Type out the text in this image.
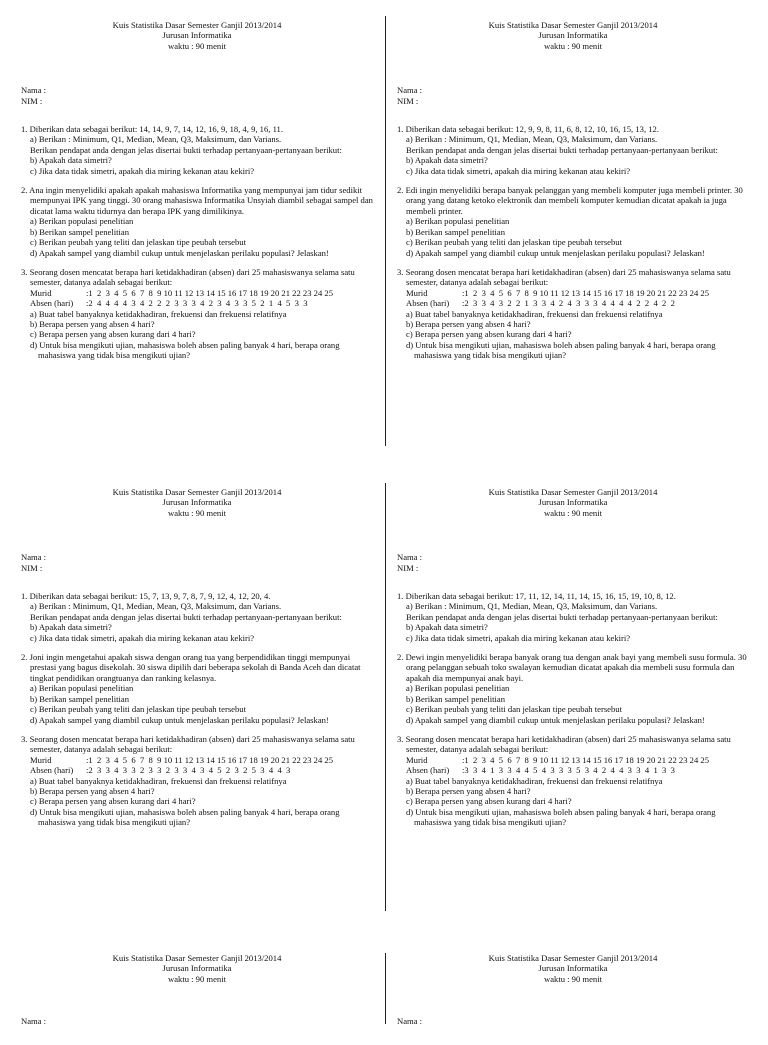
Kuis Statistika Dasar Semester Ganjil 2013/2014
Jurusan Informatika
waktu : 90 menit
Nama :
NIM :
1. Diberikan data sebagai berikut: 14, 14, 9, 7, 14, 12, 16, 9, 18, 4, 9, 16, 11.
a) Berikan : Minimum, Q1, Median, Mean, Q3, Maksimum, dan Varians.
Berikan pendapat anda dengan jelas disertai bukti terhadap pertanyaan-pertanyaan berikut:
b) Apakah data simetri?
c) Jika data tidak simetri, apakah dia miring kekanan atau kekiri?
2. Ana ingin menyelidiki apakah apakah mahasiswa Informatika yang mempunyai jam tidur sedikit mempunyai IPK yang tinggi. 30 orang mahasiswa Informatika Unsyiah diambil sebagai sampel dan dicatat lama waktu tidurnya dan berapa IPK yang dimilikinya.
a) Berikan populasi penelitian
b) Berikan sampel penelitian
c) Berikan peubah yang teliti dan jelaskan tipe peubah tersebut
d) Apakah sampel yang diambil cukup untuk menjelaskan perilaku populasi? Jelaskan!
3. Seorang dosen mencatat berapa hari ketidakhadiran (absen) dari 25 mahasiswanya selama satu semester, datanya adalah sebagai berikut:
Murid	:1  2  3  4  5  6  7  8  9 10 11 12 13 14 15 16 17 18 19 20 21 22 23 24 25
Absen (hari)	:2  4  4  4  4  3  4  2  2  2  3  3  3  4  2  3  4  3  3  5  2  1  4  5  3  3
a) Buat tabel banyaknya ketidakhadiran, frekuensi dan frekuensi relatifnya
b) Berapa persen yang absen 4 hari?
c) Berapa persen yang absen kurang dari 4 hari?
d) Untuk bisa mengikuti ujian, mahasiswa boleh absen paling banyak 4 hari, berapa orang mahasiswa yang tidak bisa mengikuti ujian?
Kuis Statistika Dasar Semester Ganjil 2013/2014
Jurusan Informatika
waktu : 90 menit
Nama :
NIM :
1. Diberikan data sebagai berikut: 12, 9, 9, 8, 11, 6, 8, 12, 10, 16, 15, 13, 12.
a) Berikan : Minimum, Q1, Median, Mean, Q3, Maksimum, dan Varians.
Berikan pendapat anda dengan jelas disertai bukti terhadap pertanyaan-pertanyaan berikut:
b) Apakah data simetri?
c) Jika data tidak simetri, apakah dia miring kekanan atau kekiri?
2. Edi ingin menyelidiki berapa banyak pelanggan yang membeli komputer juga membeli printer. 30 orang yang datang ketoko elektronik dan membeli komputer kemudian dicatat apakah ia juga membeli printer.
a) Berikan populasi penelitian
b) Berikan sampel penelitian
c) Berikan peubah yang teliti dan jelaskan tipe peubah tersebut
d) Apakah sampel yang diambil cukup untuk menjelaskan perilaku populasi? Jelaskan!
3. Seorang dosen mencatat berapa hari ketidakhadiran (absen) dari 25 mahasiswanya selama satu semester, datanya adalah sebagai berikut:
Murid	:1  2  3  4  5  6  7  8  9 10 11 12 13 14 15 16 17 18 19 20 21 22 23 24 25
Absen (hari)	:2  3  3  4  3  2  2  1  3  3  4  2  4  3  3  3  4  4  4  4  2  2  4  2  2
a) Buat tabel banyaknya ketidakhadiran, frekuensi dan frekuensi relatifnya
b) Berapa persen yang absen 4 hari?
c) Berapa persen yang absen kurang dari 4 hari?
d) Untuk bisa mengikuti ujian, mahasiswa boleh absen paling banyak 4 hari, berapa orang mahasiswa yang tidak bisa mengikuti ujian?
Kuis Statistika Dasar Semester Ganjil 2013/2014
Jurusan Informatika
waktu : 90 menit
Nama :
NIM :
1. Diberikan data sebagai berikut: 15, 7, 13, 9, 7, 8, 7, 9, 12, 4, 12, 20, 4.
a) Berikan : Minimum, Q1, Median, Mean, Q3, Maksimum, dan Varians.
Berikan pendapat anda dengan jelas disertai bukti terhadap pertanyaan-pertanyaan berikut:
b) Apakah data simetri?
c) Jika data tidak simetri, apakah dia miring kekanan atau kekiri?
2. Joni ingin mengetahui apakah siswa dengan orang tua yang berpendidikan tinggi mempunyai prestasi yang bagus disekolah. 30 siswa dipilih dari beberapa sekolah di Banda Aceh dan dicatat tingkat pendidikan orangtuanya dan ranking kelasnya.
a) Berikan populasi penelitian
b) Berikan sampel penelitian
c) Berikan peubah yang teliti dan jelaskan tipe peubah tersebut
d) Apakah sampel yang diambil cukup untuk menjelaskan perilaku populasi? Jelaskan!
3. Seorang dosen mencatat berapa hari ketidakhadiran (absen) dari 25 mahasiswanya selama satu semester, datanya adalah sebagai berikut:
Murid	:1  2  3  4  5  6  7  8  9 10 11 12 13 14 15 16 17 18 19 20 21 22 23 24 25
Absen (hari)	:2  3  3  4  3  3  2  3  3  2  3  3  4  3  4  5  2  3  2  5  3  4  4  3
a) Buat tabel banyaknya ketidakhadiran, frekuensi dan frekuensi relatifnya
b) Berapa persen yang absen 4 hari?
c) Berapa persen yang absen kurang dari 4 hari?
d) Untuk bisa mengikuti ujian, mahasiswa boleh absen paling banyak 4 hari, berapa orang mahasiswa yang tidak bisa mengikuti ujian?
Kuis Statistika Dasar Semester Ganjil 2013/2014
Jurusan Informatika
waktu : 90 menit
Nama :
NIM :
1. Diberikan data sebagai berikut: 17, 11, 12, 14, 11, 14, 15, 16, 15, 19, 10, 8, 12.
a) Berikan : Minimum, Q1, Median, Mean, Q3, Maksimum, dan Varians.
Berikan pendapat anda dengan jelas disertai bukti terhadap pertanyaan-pertanyaan berikut:
b) Apakah data simetri?
c) Jika data tidak simetri, apakah dia miring kekanan atau kekiri?
2. Dewi ingin menyelidiki berapa banyak orang tua dengan anak bayi yang membeli susu formula. 30 orang pelanggan sebuah toko swalayan kemudian dicatat apakah dia membeli susu formula dan apakah dia mempunyai anak bayi.
a) Berikan populasi penelitian
b) Berikan sampel penelitian
c) Berikan peubah yang teliti dan jelaskan tipe peubah tersebut
d) Apakah sampel yang diambil cukup untuk menjelaskan perilaku populasi? Jelaskan!
3. Seorang dosen mencatat berapa hari ketidakhadiran (absen) dari 25 mahasiswanya selama satu semester, datanya adalah sebagai berikut:
Murid	:1  2  3  4  5  6  7  8  9 10 11 12 13 14 15 16 17 18 19 20 21 22 23 24 25
Absen (hari)	:3  3  4  1  3  3  4  4  5  4  3  3  3  5  3  4  2  4  4  3  3  4  1  3  3
a) Buat tabel banyaknya ketidakhadiran, frekuensi dan frekuensi relatifnya
b) Berapa persen yang absen 4 hari?
c) Berapa persen yang absen kurang dari 4 hari?
d) Untuk bisa mengikuti ujian, mahasiswa boleh absen paling banyak 4 hari, berapa orang mahasiswa yang tidak bisa mengikuti ujian?
Kuis Statistika Dasar Semester Ganjil 2013/2014
Jurusan Informatika
waktu : 90 menit
Nama :
Kuis Statistika Dasar Semester Ganjil 2013/2014
Jurusan Informatika
waktu : 90 menit
Nama :
